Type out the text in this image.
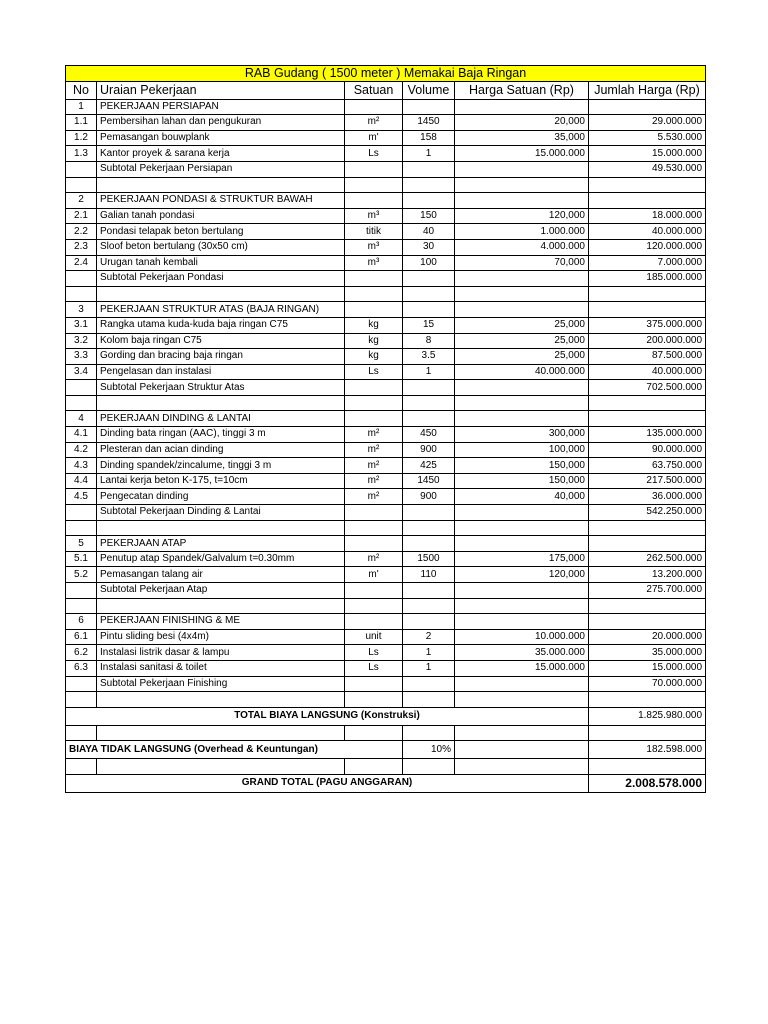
RAB Gudang ( 1500 meter ) Memakai Baja Ringan					
No	Uraian Pekerjaan	Satuan	Volume	Harga Satuan (Rp)	Jumlah Harga (Rp)
1	PEKERJAAN PERSIAPAN				
1.1	Pembersihan lahan dan pengukuran	m²	1450	20,000	29.000.000
1.2	Pemasangan bouwplank	m'	158	35,000	5.530.000
1.3	Kantor proyek & sarana kerja	Ls	1	15.000.000	15.000.000
	Subtotal Pekerjaan Persiapan				49.530.000

2	PEKERJAAN PONDASI & STRUKTUR BAWAH				
2.1	Galian tanah pondasi	m³	150	120,000	18.000.000
2.2	Pondasi telapak beton bertulang	titik	40	1.000.000	40.000.000
2.3	Sloof beton bertulang (30x50 cm)	m³	30	4.000.000	120.000.000
2.4	Urugan tanah kembali	m³	100	70,000	7.000.000
	Subtotal Pekerjaan Pondasi				185.000.000

3	PEKERJAAN STRUKTUR ATAS (BAJA RINGAN)				
3.1	Rangka utama kuda-kuda baja ringan C75	kg	15	25,000	375.000.000
3.2	Kolom baja ringan C75	kg	8	25,000	200.000.000
3.3	Gording dan bracing baja ringan	kg	3.5	25,000	87.500.000
3.4	Pengelasan dan instalasi	Ls	1	40.000.000	40.000.000
	Subtotal Pekerjaan Struktur Atas				702.500.000

4	PEKERJAAN DINDING & LANTAI				
4.1	Dinding bata ringan (AAC), tinggi 3 m	m²	450	300,000	135.000.000
4.2	Plesteran dan acian dinding	m²	900	100,000	90.000.000
4.3	Dinding spandek/zincalume, tinggi 3 m	m²	425	150,000	63.750.000
4.4	Lantai kerja beton K-175, t=10cm	m²	1450	150,000	217.500.000
4.5	Pengecatan dinding	m²	900	40,000	36.000.000
	Subtotal Pekerjaan Dinding & Lantai				542.250.000

5	PEKERJAAN ATAP				
5.1	Penutup atap Spandek/Galvalum t=0.30mm	m²	1500	175,000	262.500.000
5.2	Pemasangan talang air	m'	110	120,000	13.200.000
	Subtotal Pekerjaan Atap				275.700.000

6	PEKERJAAN FINISHING & ME				
6.1	Pintu sliding besi (4x4m)	unit	2	10.000.000	20.000.000
6.2	Instalasi listrik dasar & lampu	Ls	1	35.000.000	35.000.000
6.3	Instalasi sanitasi & toilet	Ls	1	15.000.000	15.000.000
	Subtotal Pekerjaan Finishing				70.000.000

TOTAL BIAYA LANGSUNG (Konstruksi)					1.825.980.000

BIAYA TIDAK LANGSUNG (Overhead & Keuntungan)			10%		182.598.000

GRAND TOTAL (PAGU ANGGARAN)					2.008.578.000
